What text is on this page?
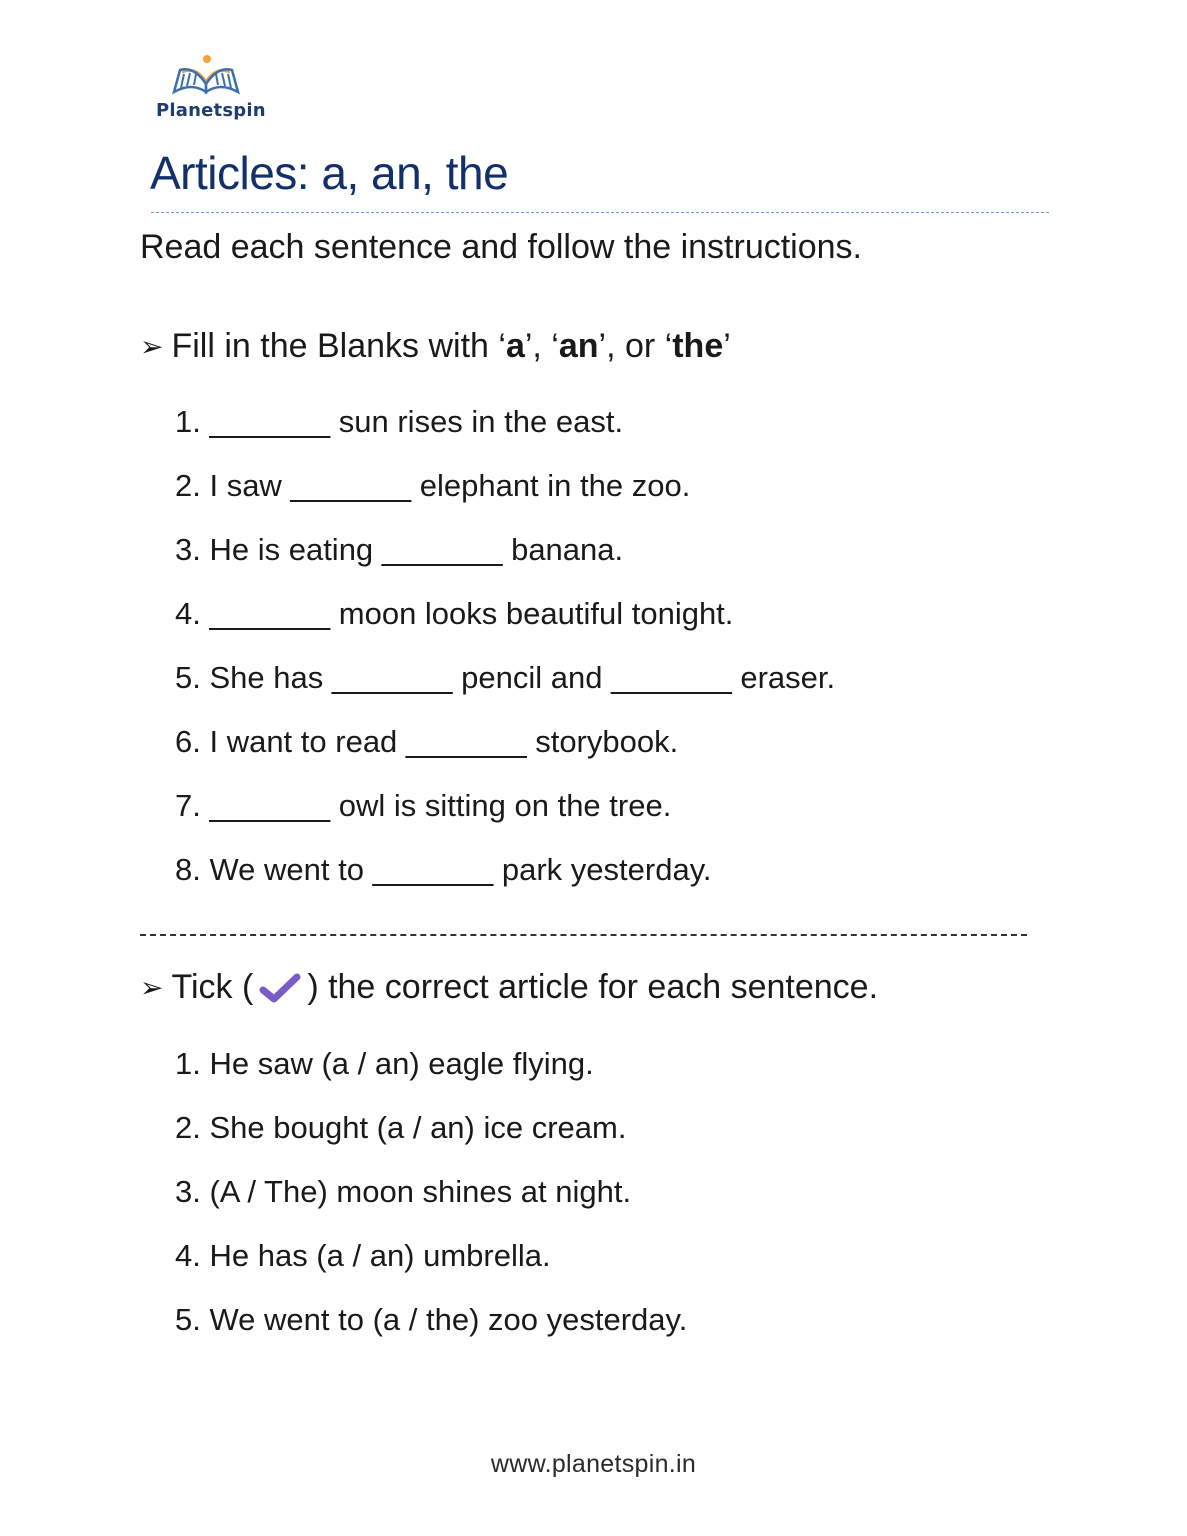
Planetspin
Articles: a, an, the
Read each sentence and follow the instructions.
➢ Fill in the Blanks with ‘ a ’, ‘ an ’, or ‘ the ’
1. _______ sun rises in the east.
2. I saw _______ elephant in the zoo.
3. He is eating _______ banana.
4. _______ moon looks beautiful tonight.
5. She has _______ pencil and _______ eraser.
6. I want to read _______ storybook.
7. _______ owl is sitting on the tree.
8. We went to _______ park yesterday.
➢ Tick ( ) the correct article for each sentence.
1. He saw (a / an) eagle flying.
2. She bought (a / an) ice cream.
3. (A / The) moon shines at night.
4. He has (a / an) umbrella.
5. We went to (a / the) zoo yesterday.
www.planetspin.in
